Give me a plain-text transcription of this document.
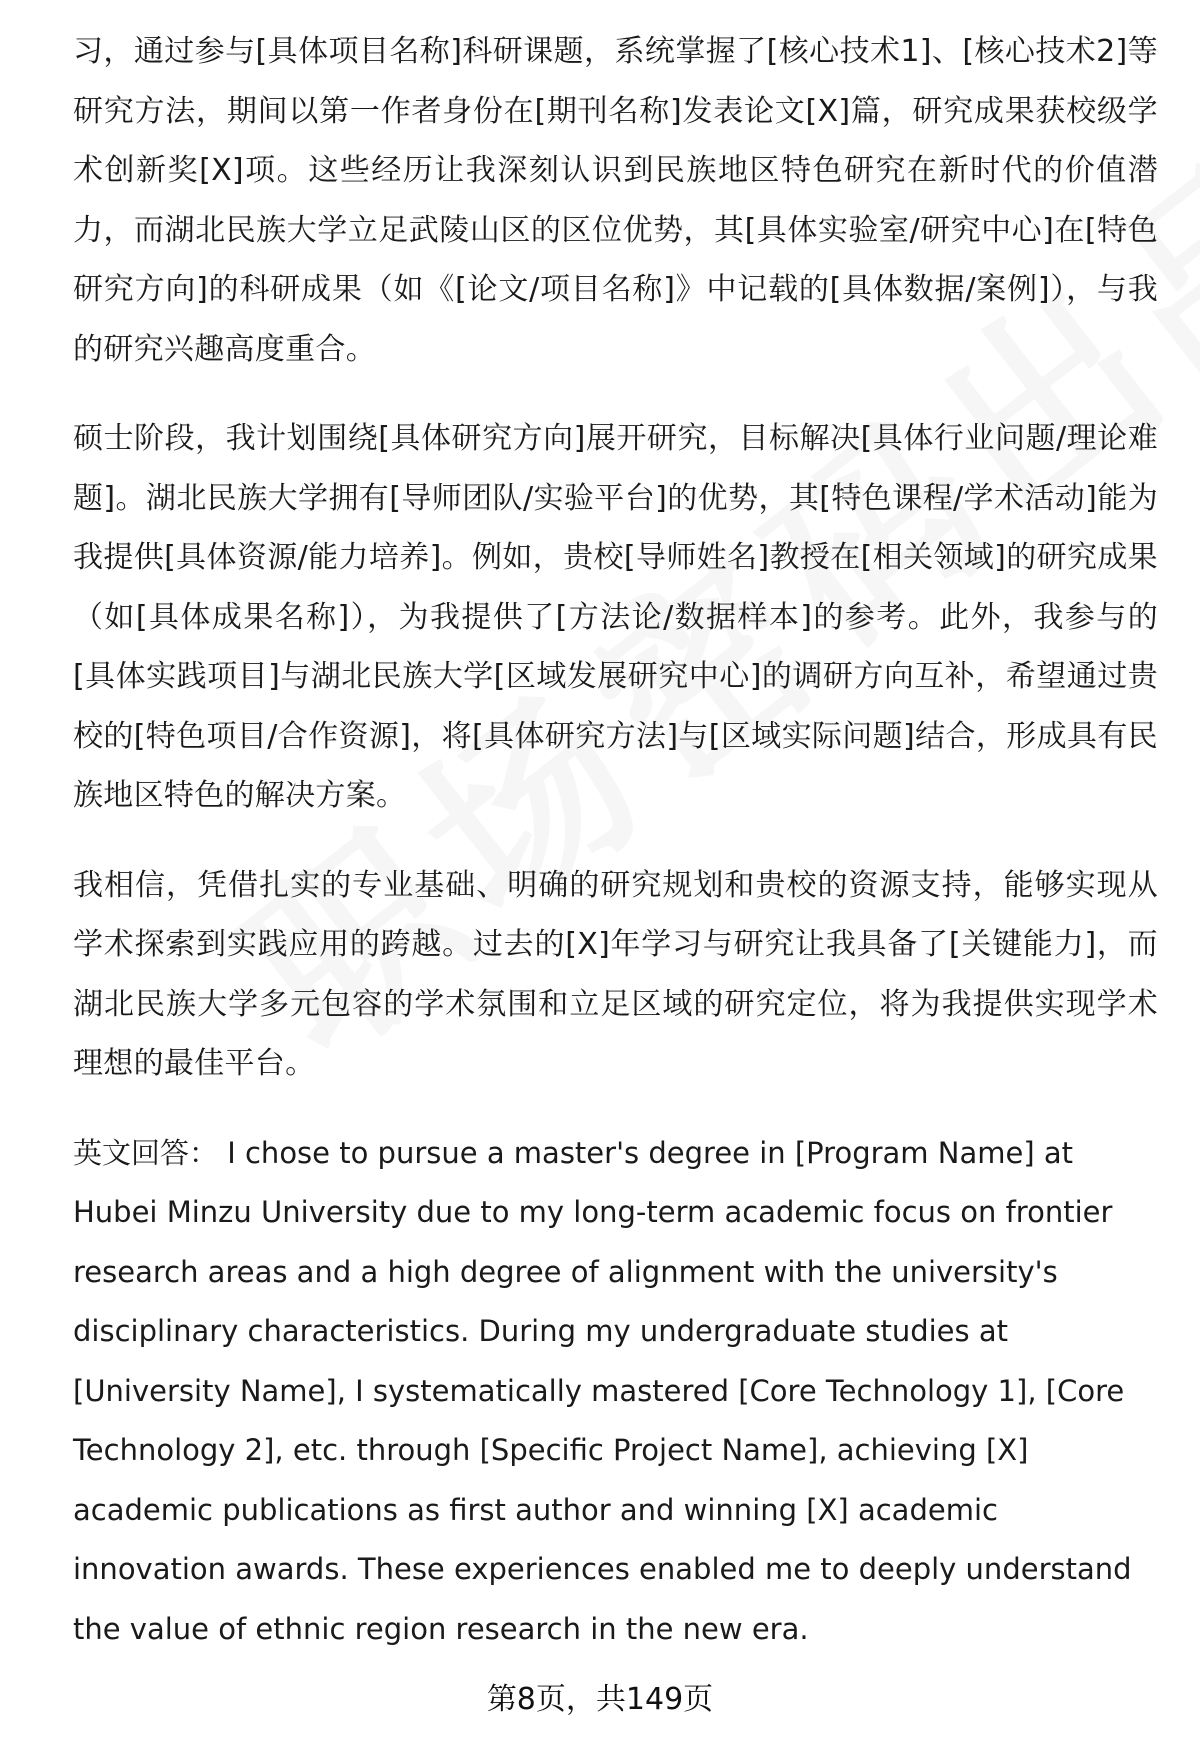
习，通过参与[具体项目名称]科研课题，系统掌握了[核心技术1]、[核心技术2]等研究方法，期间以第一作者身份在[期刊名称]发表论文[X]篇，研究成果获校级学术创新奖[X]项。这些经历让我深刻认识到民族地区特色研究在新时代的价值潜力，而湖北民族大学立足武陵山区的区位优势，其[具体实验室/研究中心]在[特色研究方向]的科研成果（如《[论文/项目名称]》中记载的[具体数据/案例]），与我的研究兴趣高度重合。

硕士阶段，我计划围绕[具体研究方向]展开研究，目标解决[具体行业问题/理论难题]。湖北民族大学拥有[导师团队/实验平台]的优势，其[特色课程/学术活动]能为我提供[具体资源/能力培养]。例如，贵校[导师姓名]教授在[相关领域]的研究成果（如[具体成果名称]），为我提供了[方法论/数据样本]的参考。此外，我参与的[具体实践项目]与湖北民族大学[区域发展研究中心]的调研方向互补，希望通过贵校的[特色项目/合作资源]，将[具体研究方法]与[区域实际问题]结合，形成具有民族地区特色的解决方案。

我相信，凭借扎实的专业基础、明确的研究规划和贵校的资源支持，能够实现从学术探索到实践应用的跨越。过去的[X]年学习与研究让我具备了[关键能力]，而湖北民族大学多元包容的学术氛围和立足区域的研究定位，将为我提供实现学术理想的最佳平台。

英文回答： I chose to pursue a master's degree in [Program Name] at Hubei Minzu University due to my long-term academic focus on frontier research areas and a high degree of alignment with the university's disciplinary characteristics. During my undergraduate studies at [University Name], I systematically mastered [Core Technology 1], [Core Technology 2], etc. through [Specific Project Name], achieving [X] academic publications as first author and winning [X] academic innovation awards. These experiences enabled me to deeply understand the value of ethnic region research in the new era.

第8页，共149页
